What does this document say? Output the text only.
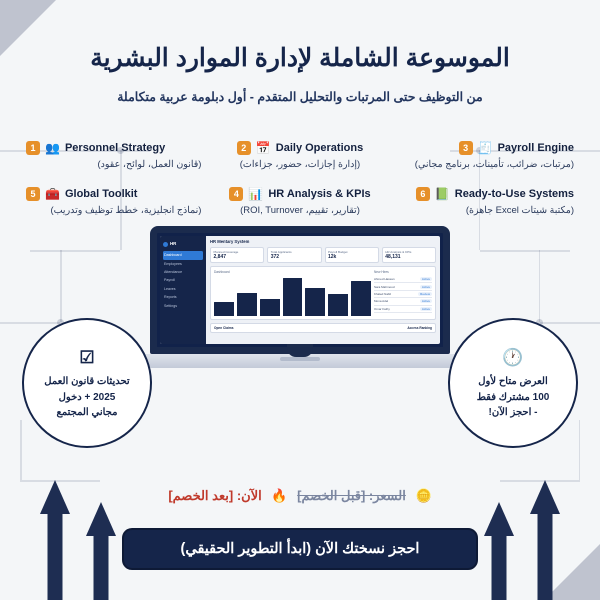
الموسوعة الشاملة لإدارة الموارد البشرية
من التوظيف حتى المرتبات والتحليل المتقدم - أول دبلومة عربية متكاملة
1 👥 Personnel Strategy
(قانون العمل، لوائح، عقود)
2 📅 Daily Operations
(إدارة إجازات، حضور، جزاءات)
3 🧾 Payroll Engine
(مرتبات، ضرائب، تأمينات، برنامج مجاني)
5 🧰 Global Toolkit
(نماذج انجليزية، خطط توظيف وتدريب)
4 📊 HR Analysis & KPIs
(تقارير، تقييم، ROI, Turnover)
6 📗 Ready-to-Use Systems
(مكتبة شيتات Excel جاهزة)
HR
Dashboard
Employees
Attendance
Payroll
Leaves
Reports
Settings
HR Mentary System
Planned Coverage
2,847
Total Applicants
372
Payroll Budget
12k
HR Analysis & KPIs
48,131
Dashboard	New Hires
Ahmed Hassan	Active
Sara Mahmoud	Active
Khaled Nabil	Review
Mona Adel	Active
Omar Fathy	Active
Open Claims	Access Ranking
☑
تحديثات قانون العمل
2025 + دخول
مجاني المجتمع
🕐
العرض متاح لأول
100 مشترك فقط
- احجز الآن!
🪙 السعر: [قبل الخصم] 🔥 الآن: [بعد الخصم]
احجز نسختك الآن (ابدأ التطوير الحقيقي)
